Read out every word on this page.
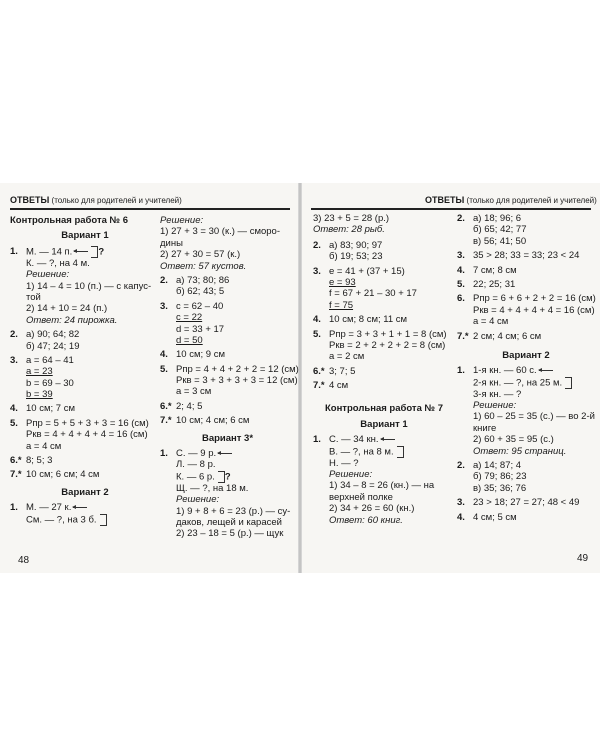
ОТВЕТЫ (только для родителей и учителей)
Контрольная работа № 6
Вариант 1
1. М. — 14 п.	?
К. — ?, на 4 м.
Решение:
1) 14 – 4 = 10 (п.) — с капус-
той
2) 14 + 10 = 24 (п.)
Ответ: 24 пирожка.
2. а) 90; 64; 82
б) 47; 24; 19
3. а = 64 – 41
а = 23
b = 69 – 30
b = 39
4. 10 см; 7 см
5. Pпр = 5 + 5 + 3 + 3 = 16 (см)
Pкв = 4 + 4 + 4 + 4 = 16 (см)
а = 4 см
6.* 8; 5; 3
7.* 10 см; 6 см; 4 см
Вариант 2
1. М. — 27 к.
См. — ?, на 3 б.
Решение:
1) 27 + 3 = 30 (к.) — сморо-
дины
2) 27 + 30 = 57 (к.)
Ответ: 57 кустов.
2. а) 73; 80; 86
б) 62; 43; 5
3. с = 62 – 40
с = 22
d = 33 + 17
d = 50
4. 10 см; 9 см
5. Pпр = 4 + 4 + 2 + 2 = 12 (см)
Pкв = 3 + 3 + 3 + 3 = 12 (см)
а = 3 см
6.* 2; 4; 5
7.* 10 см; 4 см; 6 см
Вариант 3*
1. С. — 9 р.
Л. — 8 р.
К. — 6 р. ?
Щ. — ?, на 18 м.
Решение:
1) 9 + 8 + 6 = 23 (р.) — су-
даков, лещей и карасей
2) 23 – 18 = 5 (р.) — щук
48
ОТВЕТЫ (только для родителей и учителей)
3) 23 + 5 = 28 (р.)
Ответ: 28 рыб.
2. а) 83; 90; 97
б) 19; 53; 23
3. е = 41 + (37 + 15)
е = 93
f = 67 + 21 – 30 + 17
f = 75
4. 10 см; 8 см; 11 см
5. Pпр = 3 + 3 + 1 + 1 = 8 (см)
Pкв = 2 + 2 + 2 + 2 = 8 (см)
а = 2 см
6.* 3; 7; 5
7.* 4 см
Контрольная работа № 7
Вариант 1
1. С. — 34 кн.
В. — ?, на 8 м.
Н. — ?
Решение:
1) 34 – 8 = 26 (кн.) — на
верхней полке
2) 34 + 26 = 60 (кн.)
Ответ: 60 книг.
2. а) 18; 96; 6
б) 65; 42; 77
в) 56; 41; 50
3. 35 > 28; 33 = 33; 23 < 24
4. 7 см; 8 см
5. 22; 25; 31
6. Pпр = 6 + 6 + 2 + 2 = 16 (см)
Pкв = 4 + 4 + 4 + 4 = 16 (см)
а = 4 см
7.* 2 см; 4 см; 6 см
Вариант 2
1. 1-я кн. — 60 с.
2-я кн. — ?, на 25 м.
3-я кн. — ?
Решение:
1) 60 – 25 = 35 (с.) — во 2-й
книге
2) 60 + 35 = 95 (с.)
Ответ: 95 страниц.
2. а) 14; 87; 4
б) 79; 86; 23
в) 35; 36; 76
3. 23 > 18; 27 = 27; 48 < 49
4. 4 см; 5 см
49
